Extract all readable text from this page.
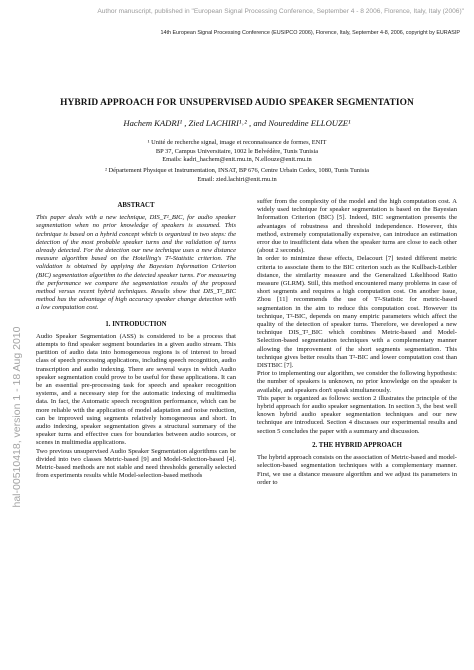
Author manuscript, published in "European Signal Processing Conference, September 4 - 8 2006, Florence, Italy, Italy (2006)"
14th European Signal Processing Conference (EUSIPCO 2006), Florence, Italy, September 4-8, 2006, copyright by EURASIP
hal-00510418, version 1 - 18 Aug 2010
HYBRID APPROACH FOR UNSUPERVISED AUDIO SPEAKER SEGMENTATION
Hachem KADRI¹ , Zied LACHIRI¹˒² , and Noureddine ELLOUZE¹
¹ Unité de recherche signal, image et reconnaissance de formes, ENIT
BP 37, Campus Universitaire, 1002 le Belvédère, Tunis Tunisia
Emails: kadri_hachem@enit.rnu.tn, N.ellouze@enit.rnu.tn
² Département Physique et Instrumentation, INSAT, BP 676, Centre Urbain Cedex, 1080, Tunis Tunisia
Email: zied.lachiri@enit.rnu.tn
ABSTRACT

This paper deals with a new technique, DIS_T²_BIC, for audio speaker segmentation when no prior knowledge of speakers is assumed. This technique is based on a hybrid concept which is organized in two steps: the detection of the most probable speaker turns and the validation of turns already detected. For the detection our new technique uses a new distance measure algorithm based on the Hotelling's T²-Statistic criterion. The validation is obtained by applying the Bayesian Information Criterion (BIC) segmentation algorithm to the detected speaker turns. For measuring the performance we compare the segmentation results of the proposed method versus recent hybrid techniques. Results show that DIS_T²_BIC method has the advantage of high accuracy speaker change detection with a low computation cost.

1. INTRODUCTION

Audio Speaker Segmentation (ASS) is considered to be a process that attempts to find speaker segment boundaries in a given audio stream. This partition of audio data into homogeneous regions is of interest to broad class of speech processing applications, including speech recognition, audio transcription and audio indexing. There are several ways in which Audio speaker segmentation could prove to be useful for these applications. It can be an essential pre-processing task for speech and speaker recognition systems, and a necessary step for the automatic indexing of multimedia data. In fact, the Automatic speech recognition performance, which can be more reliable with the application of model adaptation and noise reduction, can be improved using segments relatively homogeneous and short. In audio indexing, speaker segmentation gives a structural summary of the speaker turns and effective cues for boundaries between audio sources, or scenes in multimedia applications.

Two previous unsupervised Audio Speaker Segmentation algorithms can be divided into two classes Metric-based [9] and Model-Selection-based [4]. Metric-based methods are not stable and need thresholds generally selected from experiments results while Model-selection-based methods

suffer from the complexity of the model and the high computation cost. A widely used technique for speaker segmentation is based on the Bayesian Information Criterion (BIC) [5]. Indeed, BIC segmentation presents the advantages of robustness and threshold independence. However, this method, extremely computationally expensive, can introduce an estimation error due to insufficient data when the speaker turns are close to each other (about 2 seconds).

In order to minimize these effects, Delacourt [7] tested different metric criteria to associate them to the BIC criterion such as the Kullbach-Leibler distance, the similarity measure and the Generalized Likelihood Ratio measure (GLRM). Still, this method encountered many problems in case of short segments and requires a high computation cost. On another issue, Zhou [11] recommends the use of T²-Statistic for metric-based segmentation in the aim to reduce this computation cost. However its technique, T²-BIC, depends on many empiric parameters which affect the quality of the detection of speaker turns. Therefore, we developed a new technique DIS_T²_BIC which combines Metric-based and Model-Selection-based segmentation techniques with a complementary manner allowing the improvement of the short segments segmentation. This technique gives better results than T²-BIC and lower computation cost than DISTBIC [7].

Prior to implementing our algorithm, we consider the following hypothesis: the number of speakers is unknown, no prior knowledge on the speaker is available, and speakers don't speak simultaneously.

This paper is organized as follows: section 2 illustrates the principle of the hybrid approach for audio speaker segmentation. In section 3, the best well known hybrid audio speaker segmentation techniques and our new technique are introduced. Section 4 discusses our experimental results and section 5 concludes the paper with a summary and discussion.

2. THE HYBRID APPROACH

The hybrid approach consists on the association of Metric-based and model-selection-based segmentation techniques with a complementary manner. First, we use a distance measure algorithm and we adjust its parameters in order to
